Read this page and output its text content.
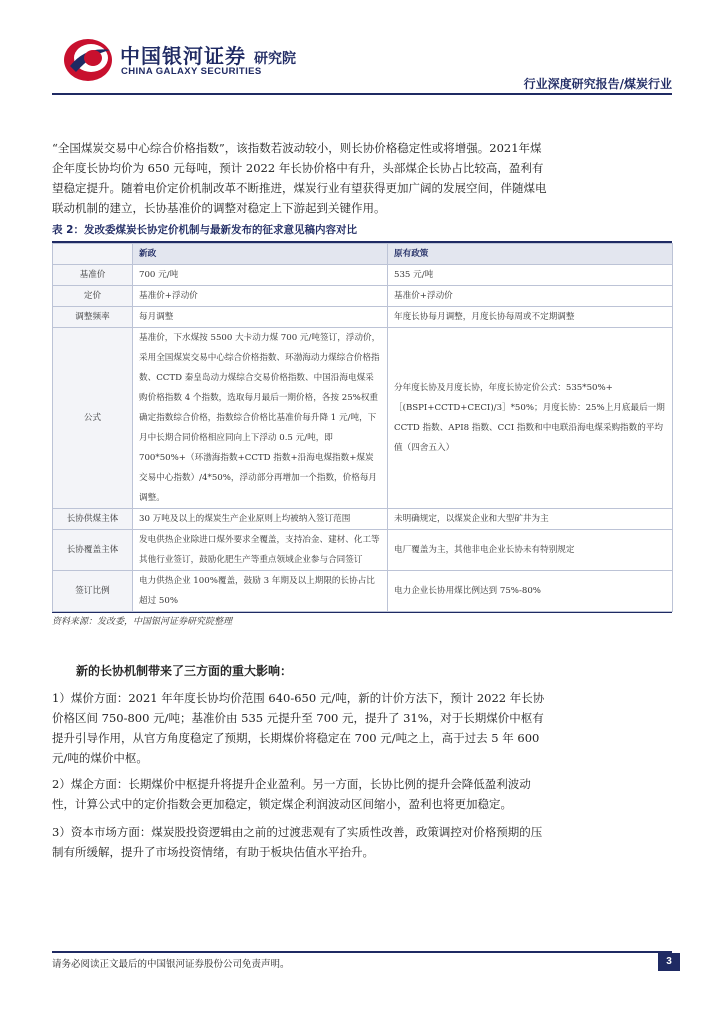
中国银河证券
CHINA GALAXY SECURITIES
研究院
行业深度研究报告/煤炭行业

“全国煤炭交易中心综合价格指数”，该指数若波动较小，则长协价格稳定性或将增强。2021年煤企年度长协均价为 650 元每吨，预计 2022 年长协价格中有升，头部煤企长协占比较高，盈利有望稳定提升。随着电价定价机制改革不断推进，煤炭行业有望获得更加广阔的发展空间，伴随煤电联动机制的建立，长协基准价的调整对稳定上下游起到关键作用。

表 2：发改委煤炭长协定价机制与最新发布的征求意见稿内容对比
	新政	原有政策
基准价	700 元/吨	535 元/吨
定价	基准价+浮动价	基准价+浮动价
调整频率	每月调整	年度长协每月调整，月度长协每周或不定期调整
公式	基准价，下水煤按 5500 大卡动力煤 700 元/吨签订，浮动价，采用全国煤炭交易中心综合价格指数、环渤海动力煤综合价格指数、CCTD 秦皇岛动力煤综合交易价格指数、中国沿海电煤采购价格指数 4 个指数，选取每月最后一期价格，各按 25%权重确定指数综合价格，指数综合价格比基准价每升降 1 元/吨，下月中长期合同价格相应同向上下浮动 0.5 元/吨，即 700*50%+（环渤海指数+CCTD 指数+沿海电煤指数+煤炭交易中心指数）/4*50%，浮动部分再增加一个指数，价格每月调整。	分年度长协及月度长协，年度长协定价公式：535*50%+［(BSPI+CCTD+CECI)/3］*50%；月度长协：25%上月底最后一期 CCTD 指数、API8 指数、CCI 指数和中电联沿海电煤采购指数的平均值（四舍五入）
长协供煤主体	30 万吨及以上的煤炭生产企业原则上均被纳入签订范围	未明确规定，以煤炭企业和大型矿井为主
长协覆盖主体	发电供热企业除进口煤外要求全覆盖，支持冶金、建材、化工等其他行业签订，鼓励化肥生产等重点领域企业参与合同签订	电厂覆盖为主，其他非电企业长协未有特别规定
签订比例	电力供热企业 100%覆盖，鼓励 3 年期及以上期限的长协占比超过 50%	电力企业长协用煤比例达到 75%-80%
资料来源：发改委，中国银河证券研究院整理
新的长协机制带来了三方面的重大影响：

1）煤价方面：2021 年年度长协均价范围 640-650 元/吨，新的计价方法下，预计 2022 年长协价格区间 750-800 元/吨；基准价由 535 元提升至 700 元，提升了 31%，对于长期煤价中枢有提升引导作用，从官方角度稳定了预期，长期煤价将稳定在 700 元/吨之上，高于过去 5 年 600 元/吨的煤价中枢。

2）煤企方面：长期煤价中枢提升将提升企业盈利。另一方面，长协比例的提升会降低盈利波动性，计算公式中的定价指数会更加稳定，锁定煤企利润波动区间缩小，盈利也将更加稳定。

3）资本市场方面：煤炭股投资逻辑由之前的过渡悲观有了实质性改善，政策调控对价格预期的压制有所缓解，提升了市场投资情绪，有助于板块估值水平抬升。

请务必阅读正文最后的中国银河证券股份公司免责声明。	3
